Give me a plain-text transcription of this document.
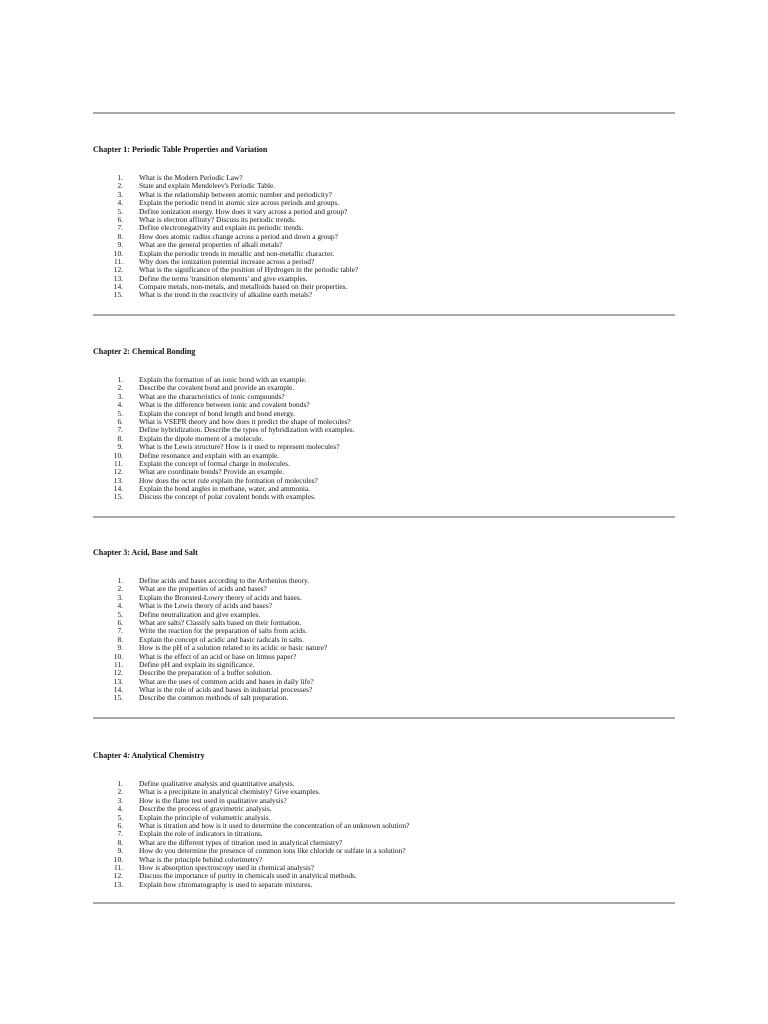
Chapter 1: Periodic Table Properties and Variation
1. What is the Modern Periodic Law?
2. State and explain Mendeleev's Periodic Table.
3. What is the relationship between atomic number and periodicity?
4. Explain the periodic trend in atomic size across periods and groups.
5. Define ionization energy. How does it vary across a period and group?
6. What is electron affinity? Discuss its periodic trends.
7. Define electronegativity and explain its periodic trends.
8. How does atomic radius change across a period and down a group?
9. What are the general properties of alkali metals?
10. Explain the periodic trends in metallic and non-metallic character.
11. Why does the ionization potential increase across a period?
12. What is the significance of the position of Hydrogen in the periodic table?
13. Define the terms 'transition elements' and give examples.
14. Compare metals, non-metals, and metalloids based on their properties.
15. What is the trend in the reactivity of alkaline earth metals?
Chapter 2: Chemical Bonding
1. Explain the formation of an ionic bond with an example.
2. Describe the covalent bond and provide an example.
3. What are the characteristics of ionic compounds?
4. What is the difference between ionic and covalent bonds?
5. Explain the concept of bond length and bond energy.
6. What is VSEPR theory and how does it predict the shape of molecules?
7. Define hybridization. Describe the types of hybridization with examples.
8. Explain the dipole moment of a molecule.
9. What is the Lewis structure? How is it used to represent molecules?
10. Define resonance and explain with an example.
11. Explain the concept of formal charge in molecules.
12. What are coordinate bonds? Provide an example.
13. How does the octet rule explain the formation of molecules?
14. Explain the bond angles in methane, water, and ammonia.
15. Discuss the concept of polar covalent bonds with examples.
Chapter 3: Acid, Base and Salt
1. Define acids and bases according to the Arrhenius theory.
2. What are the properties of acids and bases?
3. Explain the Bronsted-Lowry theory of acids and bases.
4. What is the Lewis theory of acids and bases?
5. Define neutralization and give examples.
6. What are salts? Classify salts based on their formation.
7. Write the reaction for the preparation of salts from acids.
8. Explain the concept of acidic and basic radicals in salts.
9. How is the pH of a solution related to its acidic or basic nature?
10. What is the effect of an acid or base on litmus paper?
11. Define pH and explain its significance.
12. Describe the preparation of a buffer solution.
13. What are the uses of common acids and bases in daily life?
14. What is the role of acids and bases in industrial processes?
15. Describe the common methods of salt preparation.
Chapter 4: Analytical Chemistry
1. Define qualitative analysis and quantitative analysis.
2. What is a precipitate in analytical chemistry? Give examples.
3. How is the flame test used in qualitative analysis?
4. Describe the process of gravimetric analysis.
5. Explain the principle of volumetric analysis.
6. What is titration and how is it used to determine the concentration of an unknown solution?
7. Explain the role of indicators in titrations.
8. What are the different types of titration used in analytical chemistry?
9. How do you determine the presence of common ions like chloride or sulfate in a solution?
10. What is the principle behind colorimetry?
11. How is absorption spectroscopy used in chemical analysis?
12. Discuss the importance of purity in chemicals used in analytical methods.
13. Explain how chromatography is used to separate mixtures.
